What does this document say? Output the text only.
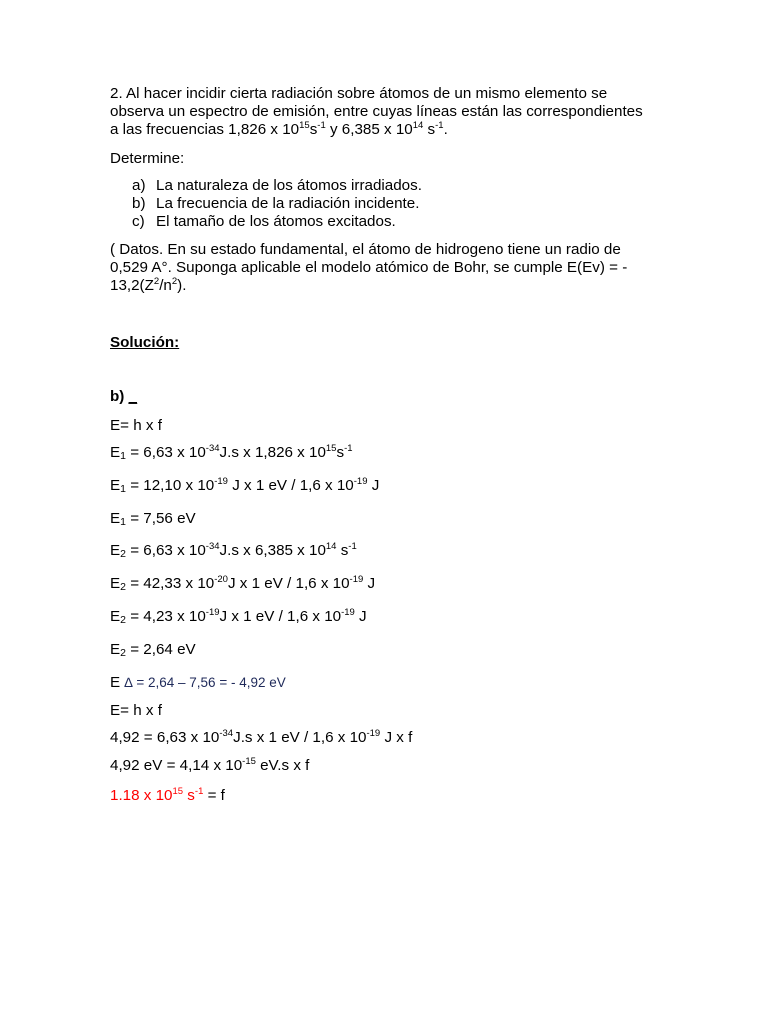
2. Al hacer incidir cierta radiación sobre átomos de un mismo elemento se
observa un espectro de emisión, entre cuyas líneas están las correspondientes
a las frecuencias 1,826 x $10^{15}s^{-1}$ y 6,385 x $10^{14}$ $s^{-1}$.
Determine:
a) La naturaleza de los átomos irradiados.
b) La frecuencia de la radiación incidente.
c) El tamaño de los átomos excitados.
( Datos. En su estado fundamental, el átomo de hidrogeno tiene un radio de
0,529 A°. Suponga aplicable el modelo atómico de Bohr, se cumple E(Ev) = -
$13,2(Z^2/n^2)$.
Solución:
b) _
E= h x f
$E_1 = 6,63$ x $10^{-34}J.s$ x 1,826 x $10^{15}s^{-1}$
$E_1 = 12,10$ x $10^{-19}$ J x 1 eV / 1,6 x $10^{-19}$ J
$E_1 = 7,56$ eV
$E_2 = 6,63$ x $10^{-34}J.s$ x 6,385 x $10^{14}$ $s^{-1}$
$E_2 = 42,33$ x $10^{-20}J$ x 1 eV / 1,6 x $10^{-19}$ J
$E_2 = 4,23$ x $10^{-19}J$ x 1 eV / 1,6 x $10^{-19}$ J
$E_2 = 2,64$ eV
E ∆ = 2,64 – 7,56 = - 4,92 eV
E= h x f
4,92 = 6,63 x $10^{-34}J.s$ x 1 eV / 1,6 x $10^{-19}$ J x f
4,92 eV = 4,14 x $10^{-15}$ eV.s x f
1.18 x $10^{15}$ $s^{-1} = f$
